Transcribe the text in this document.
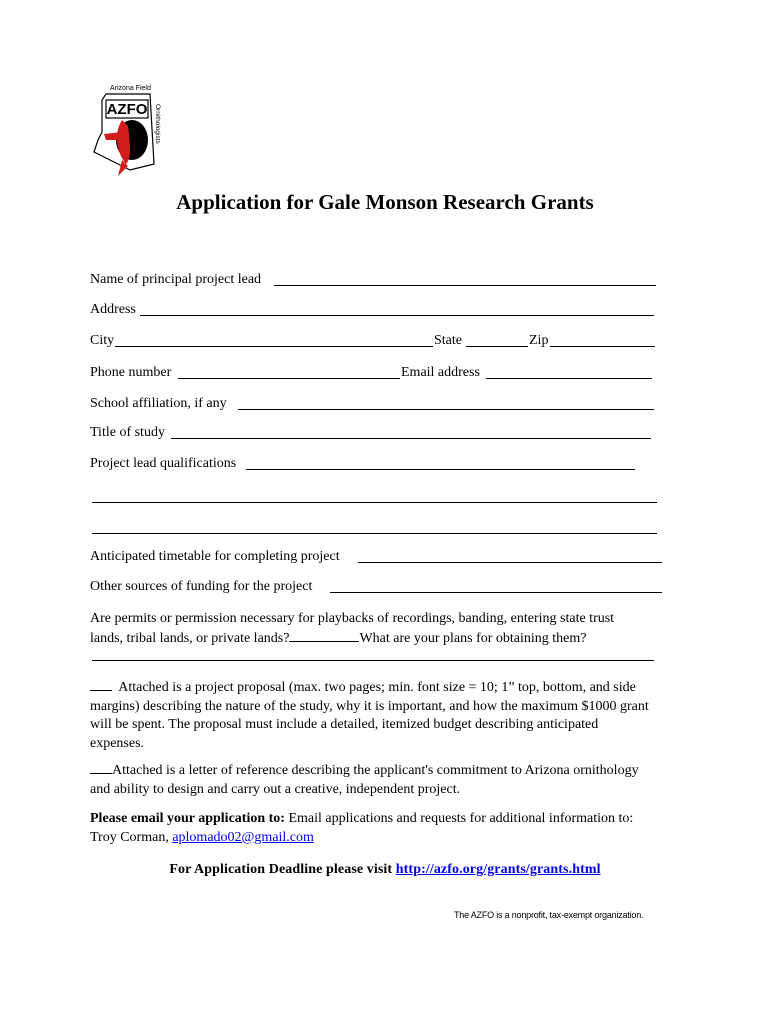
Arizona Field
AZFO Ornithologists
Application for Gale Monson Research Grants
Name of principal project lead
Address
City	State	Zip
Phone number	Email address
School affiliation, if any
Title of study
Project lead qualifications
Anticipated timetable for completing project
Other sources of funding for the project
Are permits or permission necessary for playbacks of recordings, banding, entering state trust
lands, tribal lands, or private lands?	What are your plans for obtaining them?
Attached is a project proposal (max. two pages; min. font size = 10; 1” top, bottom, and side margins) describing the nature of the study, why it is important, and how the maximum $1000 grant will be spent. The proposal must include a detailed, itemized budget describing anticipated expenses.
Attached is a letter of reference describing the applicant's commitment to Arizona ornithology and ability to design and carry out a creative, independent project.
Please email your application to: Email applications and requests for additional information to: Troy Corman, aplomado02@gmail.com
For Application Deadline please visit http://azfo.org/grants/grants.html
The AZFO is a nonprofit, tax-exempt organization.
